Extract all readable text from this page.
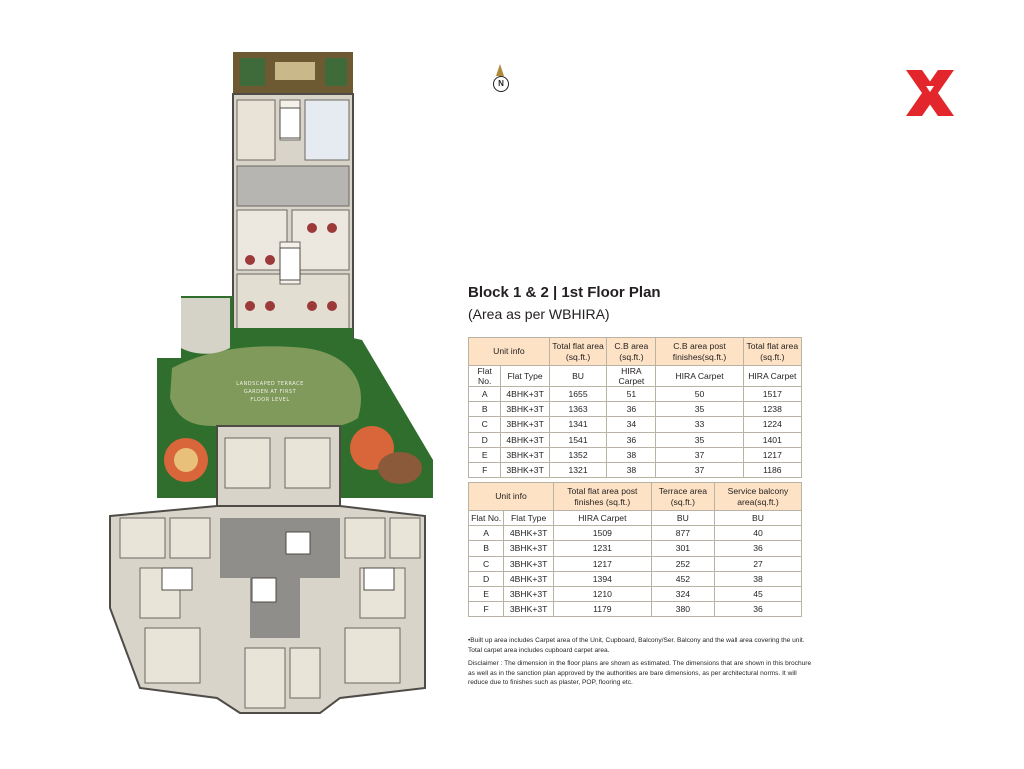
LANDSCAPED TERRACE
GARDEN AT FIRST
FLOOR LEVEL
N
Block 1 & 2 | 1st Floor Plan
(Area as per WBHIRA)
Unit info		Total flat area (sq.ft.)	C.B area (sq.ft.)	C.B area post finishes(sq.ft.)	Total flat area (sq.ft.)
Flat No.	Flat Type	BU	HIRA Carpet	HIRA Carpet	HIRA Carpet
A	4BHK+3T	1655	51	50	1517
B	3BHK+3T	1363	36	35	1238
C	3BHK+3T	1341	34	33	1224
D	4BHK+3T	1541	36	35	1401
E	3BHK+3T	1352	38	37	1217
F	3BHK+3T	1321	38	37	1186
Unit info		Total flat area post finishes (sq.ft.)	Terrace area (sq.ft.)	Service balcony area(sq.ft.)
Flat No.	Flat Type	HIRA Carpet	BU	BU
A	4BHK+3T	1509	877	40
B	3BHK+3T	1231	301	36
C	3BHK+3T	1217	252	27
D	4BHK+3T	1394	452	38
E	3BHK+3T	1210	324	45
F	3BHK+3T	1179	380	36

•Built up area includes Carpet area of the Unit, Cupboard, Balcony/Ser. Balcony and the wall area covering the unit. Total carpet area includes cupboard carpet area.

Disclaimer : The dimension in the floor plans are shown as estimated. The dimensions that are shown in this brochure as well as in the sanction plan approved by the authorities are bare dimensions, as per architectural norms. It will reduce due to finishes such as plaster, POP, flooring etc.
